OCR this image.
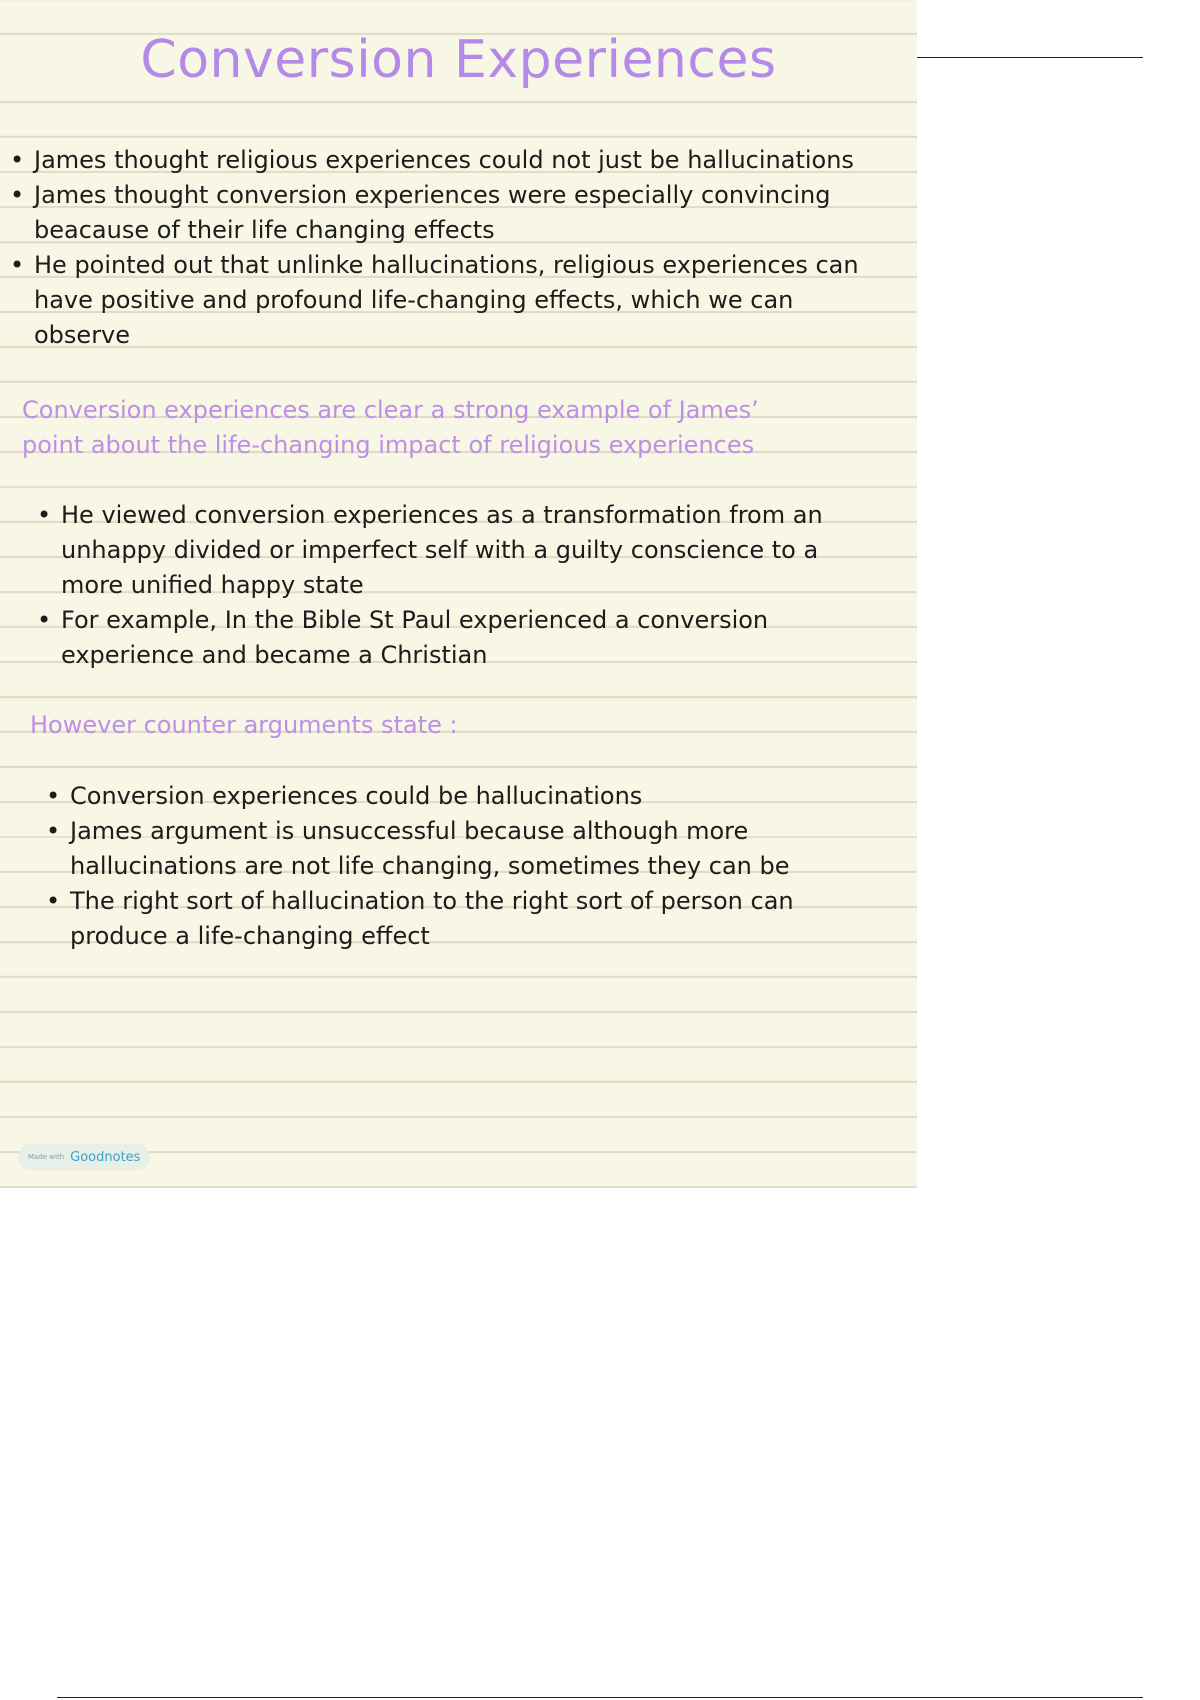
Conversion Experiences
• James thought religious experiences could not just be hallucinations
• James thought conversion experiences were especially convincing beacause of their life changing effects
• He pointed out that unlinke hallucinations, religious experiences can have positive and profound life-changing effects, which we can observe
Conversion experiences are clear a strong example of James’ point about the life-changing impact of religious experiences
• He viewed conversion experiences as a transformation from an unhappy divided or imperfect self with a guilty conscience to a more unified happy state
• For example, In the Bible St Paul experienced a conversion experience and became a Christian
However counter arguments state :
• Conversion experiences could be hallucinations
• James argument is unsuccessful because although more hallucinations are not life changing, sometimes they can be
• The right sort of hallucination to the right sort of person can produce a life-changing effect
Made with Goodnotes
